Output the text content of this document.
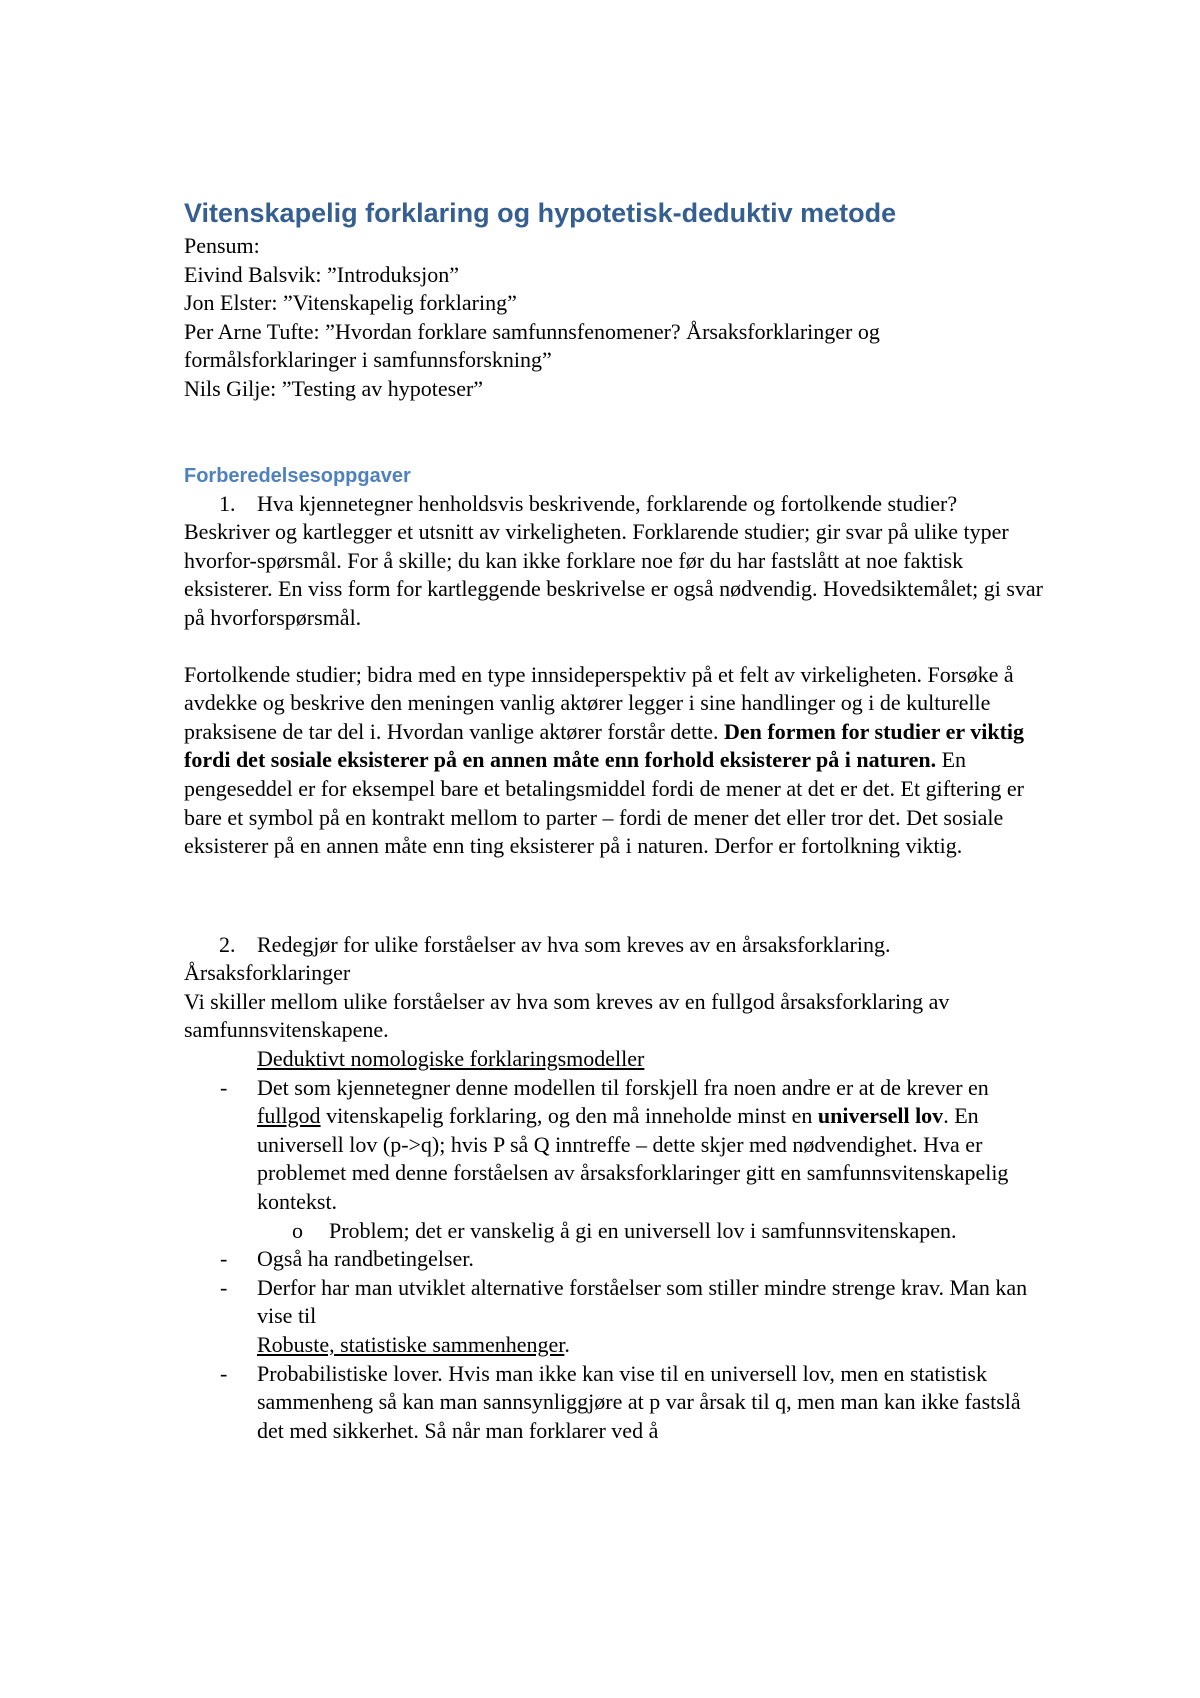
Vitenskapelig forklaring og hypotetisk-deduktiv metode

Pensum:

Eivind Balsvik: ”Introduksjon”

Jon Elster: ”Vitenskapelig forklaring”

Per Arne Tufte: ”Hvordan forklare samfunnsfenomener? Årsaksforklaringer og formålsforklaringer i samfunnsforskning”

Nils Gilje: ”Testing av hypoteser”

Forberedelsesoppgaver
1. Hva kjennetegner henholdsvis beskrivende, forklarende og fortolkende studier?

Beskriver og kartlegger et utsnitt av virkeligheten. Forklarende studier; gir svar på ulike typer hvorfor-spørsmål. For å skille; du kan ikke forklare noe før du har fastslått at noe faktisk eksisterer. En viss form for kartleggende beskrivelse er også nødvendig. Hovedsiktemålet; gi svar på hvorforspørsmål.

Fortolkende studier; bidra med en type innsideperspektiv på et felt av virkeligheten. Forsøke å avdekke og beskrive den meningen vanlig aktører legger i sine handlinger og i de kulturelle praksisene de tar del i. Hvordan vanlige aktører forstår dette. Den formen for studier er viktig fordi det sosiale eksisterer på en annen måte enn forhold eksisterer på i naturen. En pengeseddel er for eksempel bare et betalingsmiddel fordi de mener at det er det. Et giftering er bare et symbol på en kontrakt mellom to parter – fordi de mener det eller tror det. Det sosiale eksisterer på en annen måte enn ting eksisterer på i naturen. Derfor er fortolkning viktig.

2. Redegjør for ulike forståelser av hva som kreves av en årsaksforklaring.

Årsaksforklaringer

Vi skiller mellom ulike forståelser av hva som kreves av en fullgod årsaksforklaring av samfunnsvitenskapene.

Deduktivt nomologiske forklaringsmodeller

- Det som kjennetegner denne modellen til forskjell fra noen andre er at de krever en fullgod vitenskapelig forklaring, og den må inneholde minst en universell lov. En universell lov (p->q); hvis P så Q inntreffe – dette skjer med nødvendighet. Hva er problemet med denne forståelsen av årsaksforklaringer gitt en samfunnsvitenskapelig kontekst.
o Problem; det er vanskelig å gi en universell lov i samfunnsvitenskapen.
- Også ha randbetingelser.
- Derfor har man utviklet alternative forståelser som stiller mindre strenge krav. Man kan vise til
Robuste, statistiske sammenhenger.
- Probabilistiske lover. Hvis man ikke kan vise til en universell lov, men en statistisk sammenheng så kan man sannsynliggjøre at p var årsak til q, men man kan ikke fastslå det med sikkerhet. Så når man forklarer ved å
